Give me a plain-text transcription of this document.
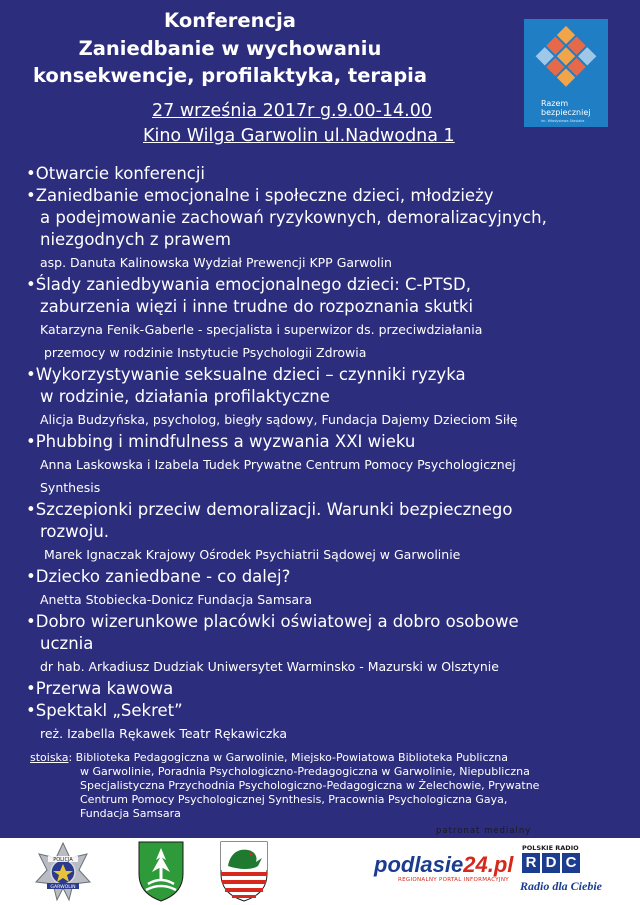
Konferencja
Zaniedbanie w wychowaniu
konsekwencje, profilaktyka, terapia
27 września 2017r g.9.00-14.00
Kino Wilga Garwolin ul.Nadwodna 1
Razem
bezpieczniej
im. Władysława Stasiaka
•Otwarcie konferencji
•Zaniedbanie emocjonalne i społeczne dzieci, młodzieży
a podejmowanie zachowań ryzykownych, demoralizacyjnych,
niezgodnych z prawem
asp. Danuta Kalinowska Wydział Prewencji KPP Garwolin
•Ślady zaniedbywania emocjonalnego dzieci: C-PTSD,
zaburzenia więzi i inne trudne do rozpoznania skutki
Katarzyna Fenik-Gaberle - specjalista i superwizor ds. przeciwdziałania
przemocy w rodzinie Instytucie Psychologii Zdrowia
•Wykorzystywanie seksualne dzieci – czynniki ryzyka
w rodzinie, działania profilaktyczne
Alicja Budzyńska, psycholog, biegły sądowy, Fundacja Dajemy Dzieciom Siłę
•Phubbing i mindfulness a wyzwania XXI wieku
Anna Laskowska i Izabela Tudek Prywatne Centrum Pomocy Psychologicznej
Synthesis
•Szczepionki przeciw demoralizacji. Warunki bezpiecznego
rozwoju.
Marek Ignaczak Krajowy Ośrodek Psychiatrii Sądowej w Garwolinie
•Dziecko zaniedbane - co dalej?
Anetta Stobiecka-Donicz Fundacja Samsara
•Dobro wizerunkowe placówki oświatowej a dobro osobowe
ucznia
dr hab. Arkadiusz Dudziak Uniwersytet Warminsko - Mazurski w Olsztynie
•Przerwa kawowa
•Spektakl „Sekret”
reż. Izabella Rękawek Teatr Rękawiczka
stoiska: Biblioteka Pedagogiczna w Garwolinie, Miejsko-Powiatowa Biblioteka Publiczna
w Garwolinie, Poradnia Psychologiczno-Predagogiczna w Garwolinie, Niepubliczna
Specjalistyczna Przychodnia Psychologiczno-Pedagogiczna w Żelechowie, Prywatne
Centrum Pomocy Psychologicznej Synthesis, Pracownia Psychologiczna Gaya,
Fundacja Samsara
patronat medialny
POLICJA
GARWOLIN
podlasie24.pl
REGIONALNY PORTAL INFORMACYJNY
POLSKIE RADIO
R D C
Radio dla Ciebie
